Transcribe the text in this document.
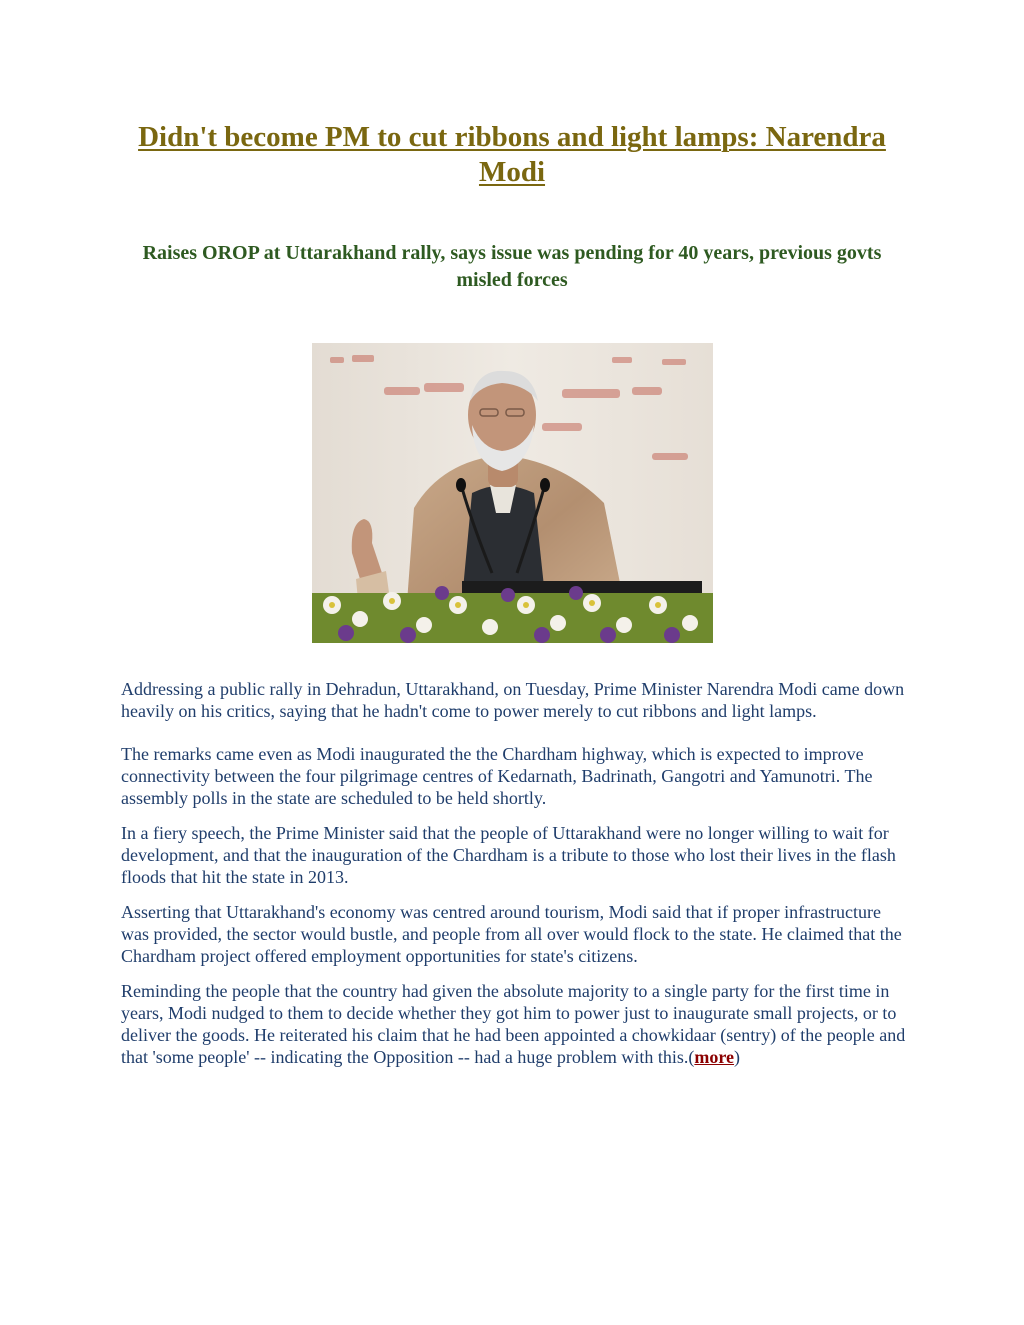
Didn't become PM to cut ribbons and light lamps: Narendra Modi
Raises OROP at Uttarakhand rally, says issue was pending for 40 years, previous govts misled forces

Addressing a public rally in Dehradun, Uttarakhand, on Tuesday, Prime Minister Narendra Modi came down heavily on his critics, saying that he hadn't come to power merely to cut ribbons and light lamps.

The remarks came even as Modi inaugurated the the Chardham highway, which is expected to improve connectivity between the four pilgrimage centres of Kedarnath, Badrinath, Gangotri and Yamunotri. The assembly polls in the state are scheduled to be held shortly.

In a fiery speech, the Prime Minister said that the people of Uttarakhand were no longer willing to wait for development, and that the inauguration of the Chardham is a tribute to those who lost their lives in the flash floods that hit the state in 2013.

Asserting that Uttarakhand's economy was centred around tourism, Modi said that if proper infrastructure was provided, the sector would bustle, and people from all over would flock to the state. He claimed that the Chardham project offered employment opportunities for state's citizens.

Reminding the people that the country had given the absolute majority to a single party for the first time in years, Modi nudged to them to decide whether they got him to power just to inaugurate small projects, or to deliver the goods. He reiterated his claim that he had been appointed a chowkidaar (sentry) of the people and that 'some people' -- indicating the Opposition -- had a huge problem with this.(more)
